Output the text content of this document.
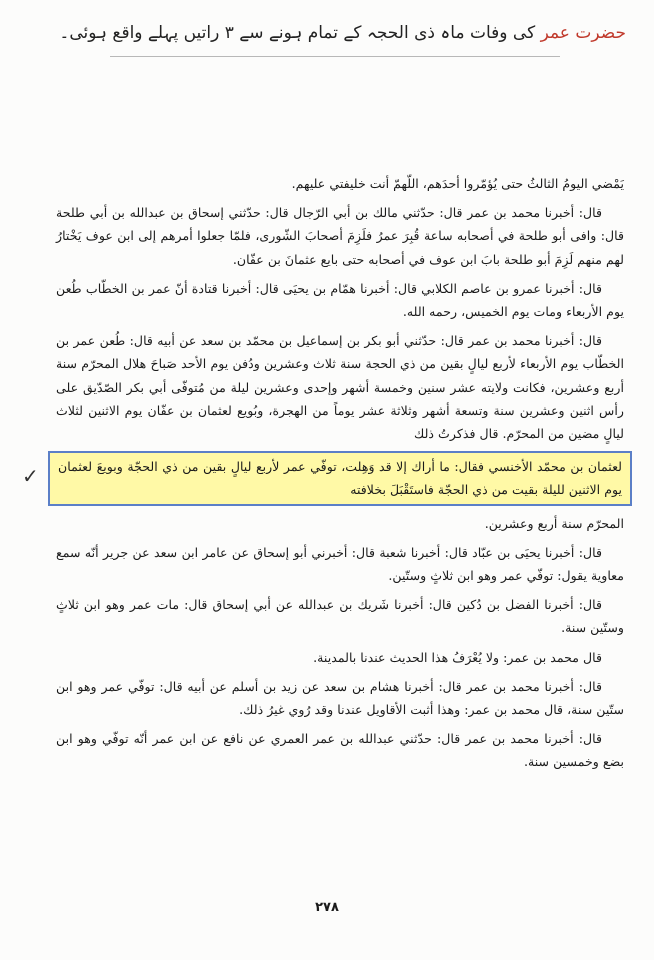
حضرت عمر کی وفات ماہ ذی الحجہ کے تمام ہونے سے ۳ راتیں پہلے واقع ہوئی۔

يَمْضي اليومُ الثالثُ حتى يُؤمّروا أحدَهم، اللّهمّ أنت خليفتي عليهم.

قال: أخبرنا محمد بن عمر قال: حدّثني مالك بن أبي الرّجال قال: حدّثني إسحاق بن عبدالله بن أبي طلحة قال: وافى أبو طلحة في أصحابه ساعة قُبِرَ عمرُ فلَزِمَ أصحابَ الشّورى، فلمّا جعلوا أمرهم إلى ابن عوف يَخْتارُ لهم منهم لَزِمَ أبو طلحة بابَ ابن عوف في أصحابه حتى بايع عثمانَ بن عفّان.

قال: أخبرنا عمرو بن عاصم الكلابي قال: أخبرنا همّام بن يحيَى قال: أخبرنا قتادة أنّ عمر بن الخطّاب طُعن يوم الأربعاء ومات يوم الخميس، رحمه الله.

قال: أخبرنا محمد بن عمر قال: حدّثني أبو بكر بن إسماعيل بن محمّد بن سعد عن أبيه قال: طُعن عمر بن الخطّاب يوم الأربعاء لأربع ليالٍ بقين من ذي الحجة سنة ثلاث وعشرين ودُفن يوم الأحد صَباحَ هلال المحرّم سنة أربع وعشرين، فكانت ولايته عشر سنين وخمسة أشهر وإحدى وعشرين ليلة من مُتوفّى أبي بكر الصّدّيق على رأس اثنين وعشرين سنة وتسعة أشهر وثلاثة عشر يوماً من الهجرة، وبُويع لعثمان بن عفّان يوم الاثنين لثلاث ليالٍ مضين من المحرّم. قال فذكرتُ ذلك

لعثمان بن محمّد الأخنسي فقال: ما أراك إلا قد وَهِلت، توفّي عمر لأربع ليالٍ بقين من ذي الحجّة وبويعَ لعثمان يوم الاثنين لليلة بقيت من ذي الحجّة فاستَقْبَلَ بخلافته
✓

المحرّم سنة أربع وعشرين.

قال: أخبرنا يحيَى بن عبّاد قال: أخبرنا شعبة قال: أخبرني أبو إسحاق عن عامر ابن سعد عن جرير أنّه سمع معاوية يقول: توفّي عمر وهو ابن ثلاثٍ وستّين.

قال: أخبرنا الفضل بن دُكين قال: أخبرنا شَريك بن عبدالله عن أبي إسحاق قال: مات عمر وهو ابن ثلاثٍ وستّين سنة.

قال محمد بن عمر: ولا يُعْرَفُ هذا الحديث عندنا بالمدينة.

قال: أخبرنا محمد بن عمر قال: أخبرنا هشام بن سعد عن زيد بن أسلم عن أبيه قال: توفّي عمر وهو ابن ستّين سنة، قال محمد بن عمر: وهذا أثبت الأقاويل عندنا وقد رُوي غيرُ ذلك.

قال: أخبرنا محمد بن عمر قال: حدّثني عبدالله بن عمر العمري عن نافع عن ابن عمر أنّه توفّي وهو ابن بضع وخمسين سنة.

٢٧٨
